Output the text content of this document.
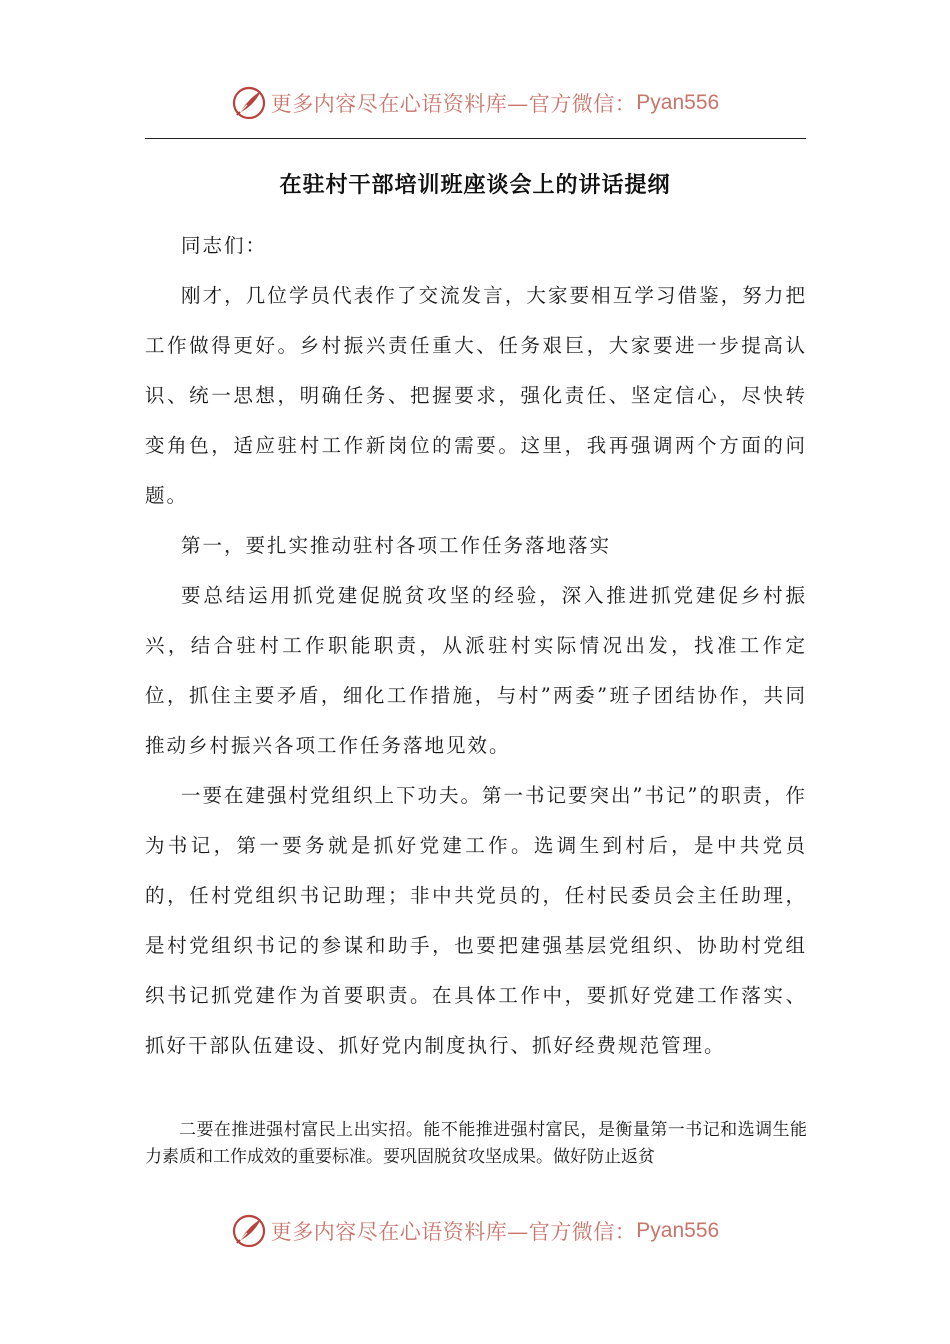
更多内容尽在心语资料库—官方微信： Pyan556
在驻村干部培训班座谈会上的讲话提纲

同志们：

刚才，几位学员代表作了交流发言，大家要相互学习借鉴，努力把工作做得更好。乡村振兴责任重大、任务艰巨，大家要进一步提高认识、统一思想，明确任务、把握要求，强化责任、坚定信心，尽快转变角色，适应驻村工作新岗位的需要。这里，我再强调两个方面的问题。

第一，要扎实推动驻村各项工作任务落地落实

要总结运用抓党建促脱贫攻坚的经验，深入推进抓党建促乡村振兴，结合驻村工作职能职责，从派驻村实际情况出发，找准工作定位，抓住主要矛盾，细化工作措施，与村”两委”班子团结协作，共同推动乡村振兴各项工作任务落地见效。

一要在建强村党组织上下功夫。第一书记要突出”书记”的职责，作为书记，第一要务就是抓好党建工作。选调生到村后，是中共党员的，任村党组织书记助理；非中共党员的，任村民委员会主任助理，是村党组织书记的参谋和助手，也要把建强基层党组织、协助村党组织书记抓党建作为首要职责。在具体工作中，要抓好党建工作落实、抓好干部队伍建设、抓好党内制度执行、抓好经费规范管理。

二要在推进强村富民上出实招。能不能推进强村富民，是衡量第一书记和选调生能力素质和工作成效的重要标准。要巩固脱贫攻坚成果。做好防止返贫

更多内容尽在心语资料库—官方微信： Pyan556
